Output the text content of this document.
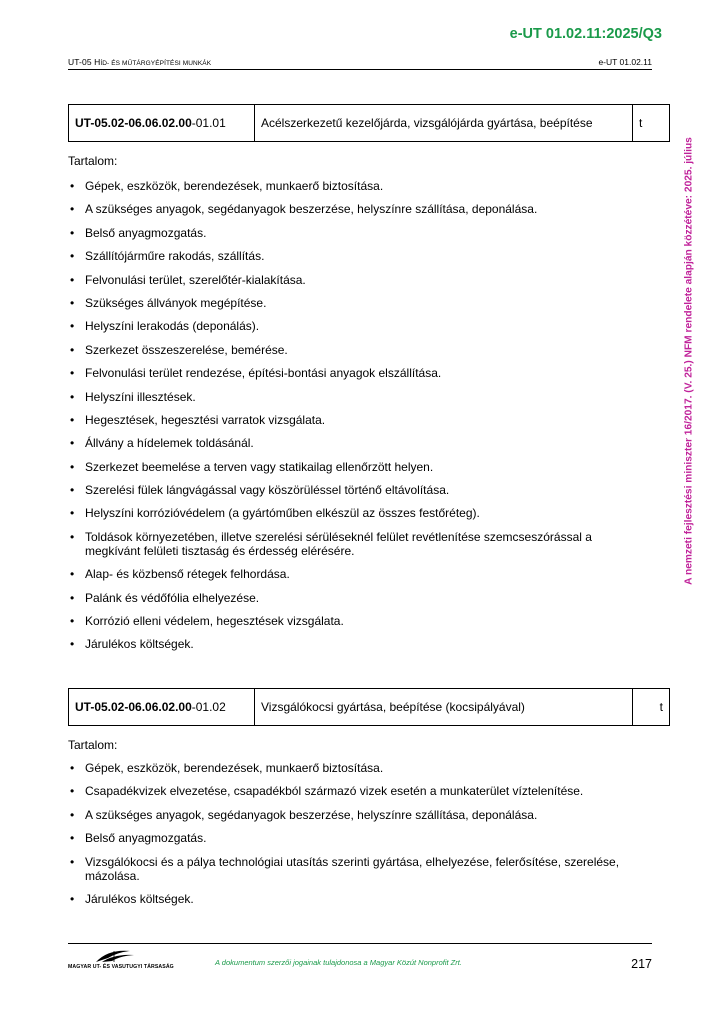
e-UT 01.02.11:2025/Q3
UT-05 HÍD- ÉS MŰTÁRGYÉPÍTÉSI MUNKÁK	e-UT 01.02.11
A nemzeti fejlesztési miniszter 16/2017. (V. 25.) NFM rendelete alapján közzétéve: 2025. július
UT-05.02-06.06.02.00-01.01	Acélszerkezetű kezelőjárda, vizsgálójárda gyártása, beépítése	t
Tartalom:
• Gépek, eszközök, berendezések, munkaerő biztosítása.
• A szükséges anyagok, segédanyagok beszerzése, helyszínre szállítása, deponálása.
• Belső anyagmozgatás.
• Szállítójárműre rakodás, szállítás.
• Felvonulási terület, szerelőtér-kialakítása.
• Szükséges állványok megépítése.
• Helyszíni lerakodás (deponálás).
• Szerkezet összeszerelése, bemérése.
• Felvonulási terület rendezése, építési-bontási anyagok elszállítása.
• Helyszíni illesztések.
• Hegesztések, hegesztési varratok vizsgálata.
• Állvány a hídelemek toldásánál.
• Szerkezet beemelése a terven vagy statikailag ellenőrzött helyen.
• Szerelési fülek lángvágással vagy köszörüléssel történő eltávolítása.
• Helyszíni korrózióvédelem (a gyártóműben elkészül az összes festőréteg).
• Toldások környezetében, illetve szerelési sérüléseknél felület revétlenítése szemcseszórással a megkívánt felületi tisztaság és érdesség elérésére.
• Alap- és közbenső rétegek felhordása.
• Palánk és védőfólia elhelyezése.
• Korrózió elleni védelem, hegesztések vizsgálata.
• Járulékos költségek.
UT-05.02-06.06.02.00-01.02	Vizsgálókocsi gyártása, beépítése (kocsipályával)	t
Tartalom:
• Gépek, eszközök, berendezések, munkaerő biztosítása.
• Csapadékvizek elvezetése, csapadékból származó vizek esetén a munkaterület víztelenítése.
• A szükséges anyagok, segédanyagok beszerzése, helyszínre szállítása, deponálása.
• Belső anyagmozgatás.
• Vizsgálókocsi és a pálya technológiai utasítás szerinti gyártása, elhelyezése, felerősítése, szerelése, mázolása.
• Járulékos költségek.
MAGYAR UT- ÉS VASUTUGYI TÁRSASÁG	A dokumentum szerzői jogainak tulajdonosa a Magyar Közút Nonprofit Zrt.	217
